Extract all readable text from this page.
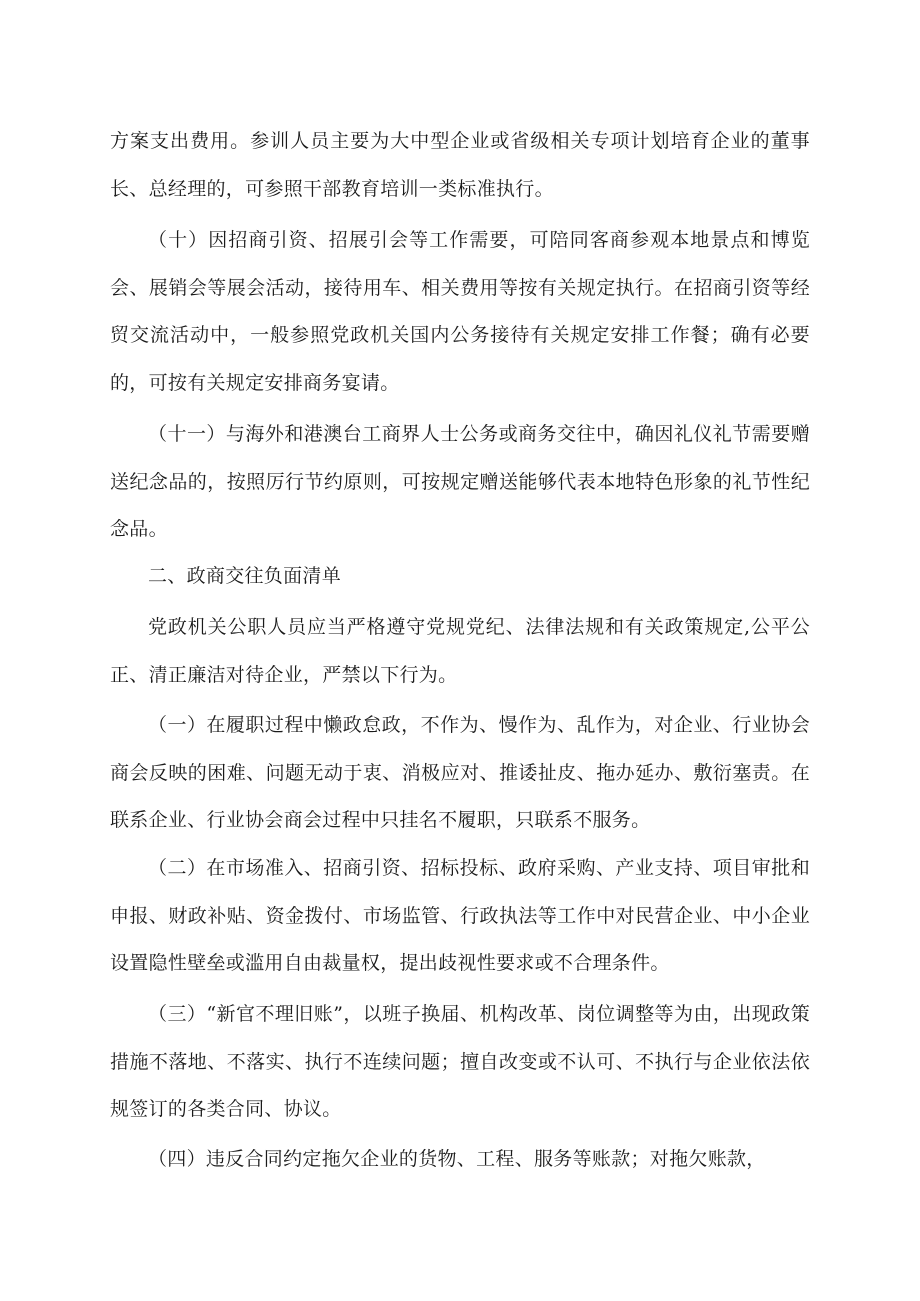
方案支出费用。参训人员主要为大中型企业或省级相关专项计划培育企业的董事长、总经理的，可参照干部教育培训一类标准执行。

（十）因招商引资、招展引会等工作需要，可陪同客商参观本地景点和博览会、展销会等展会活动，接待用车、相关费用等按有关规定执行。在招商引资等经贸交流活动中，一般参照党政机关国内公务接待有关规定安排工作餐；确有必要的，可按有关规定安排商务宴请。

（十一）与海外和港澳台工商界人士公务或商务交往中，确因礼仪礼节需要赠送纪念品的，按照厉行节约原则，可按规定赠送能够代表本地特色形象的礼节性纪念品。

二、政商交往负面清单

党政机关公职人员应当严格遵守党规党纪、法律法规和有关政策规定,公平公正、清正廉洁对待企业，严禁以下行为。

（一）在履职过程中懒政怠政，不作为、慢作为、乱作为，对企业、行业协会商会反映的困难、问题无动于衷、消极应对、推诿扯皮、拖办延办、敷衍塞责。在联系企业、行业协会商会过程中只挂名不履职，只联系不服务。

（二）在市场准入、招商引资、招标投标、政府采购、产业支持、项目审批和申报、财政补贴、资金拨付、市场监管、行政执法等工作中对民营企业、中小企业设置隐性壁垒或滥用自由裁量权，提出歧视性要求或不合理条件。

（三）“新官不理旧账”，以班子换届、机构改革、岗位调整等为由，出现政策措施不落地、不落实、执行不连续问题；擅自改变或不认可、不执行与企业依法依规签订的各类合同、协议。

（四）违反合同约定拖欠企业的货物、工程、服务等账款；对拖欠账款，
